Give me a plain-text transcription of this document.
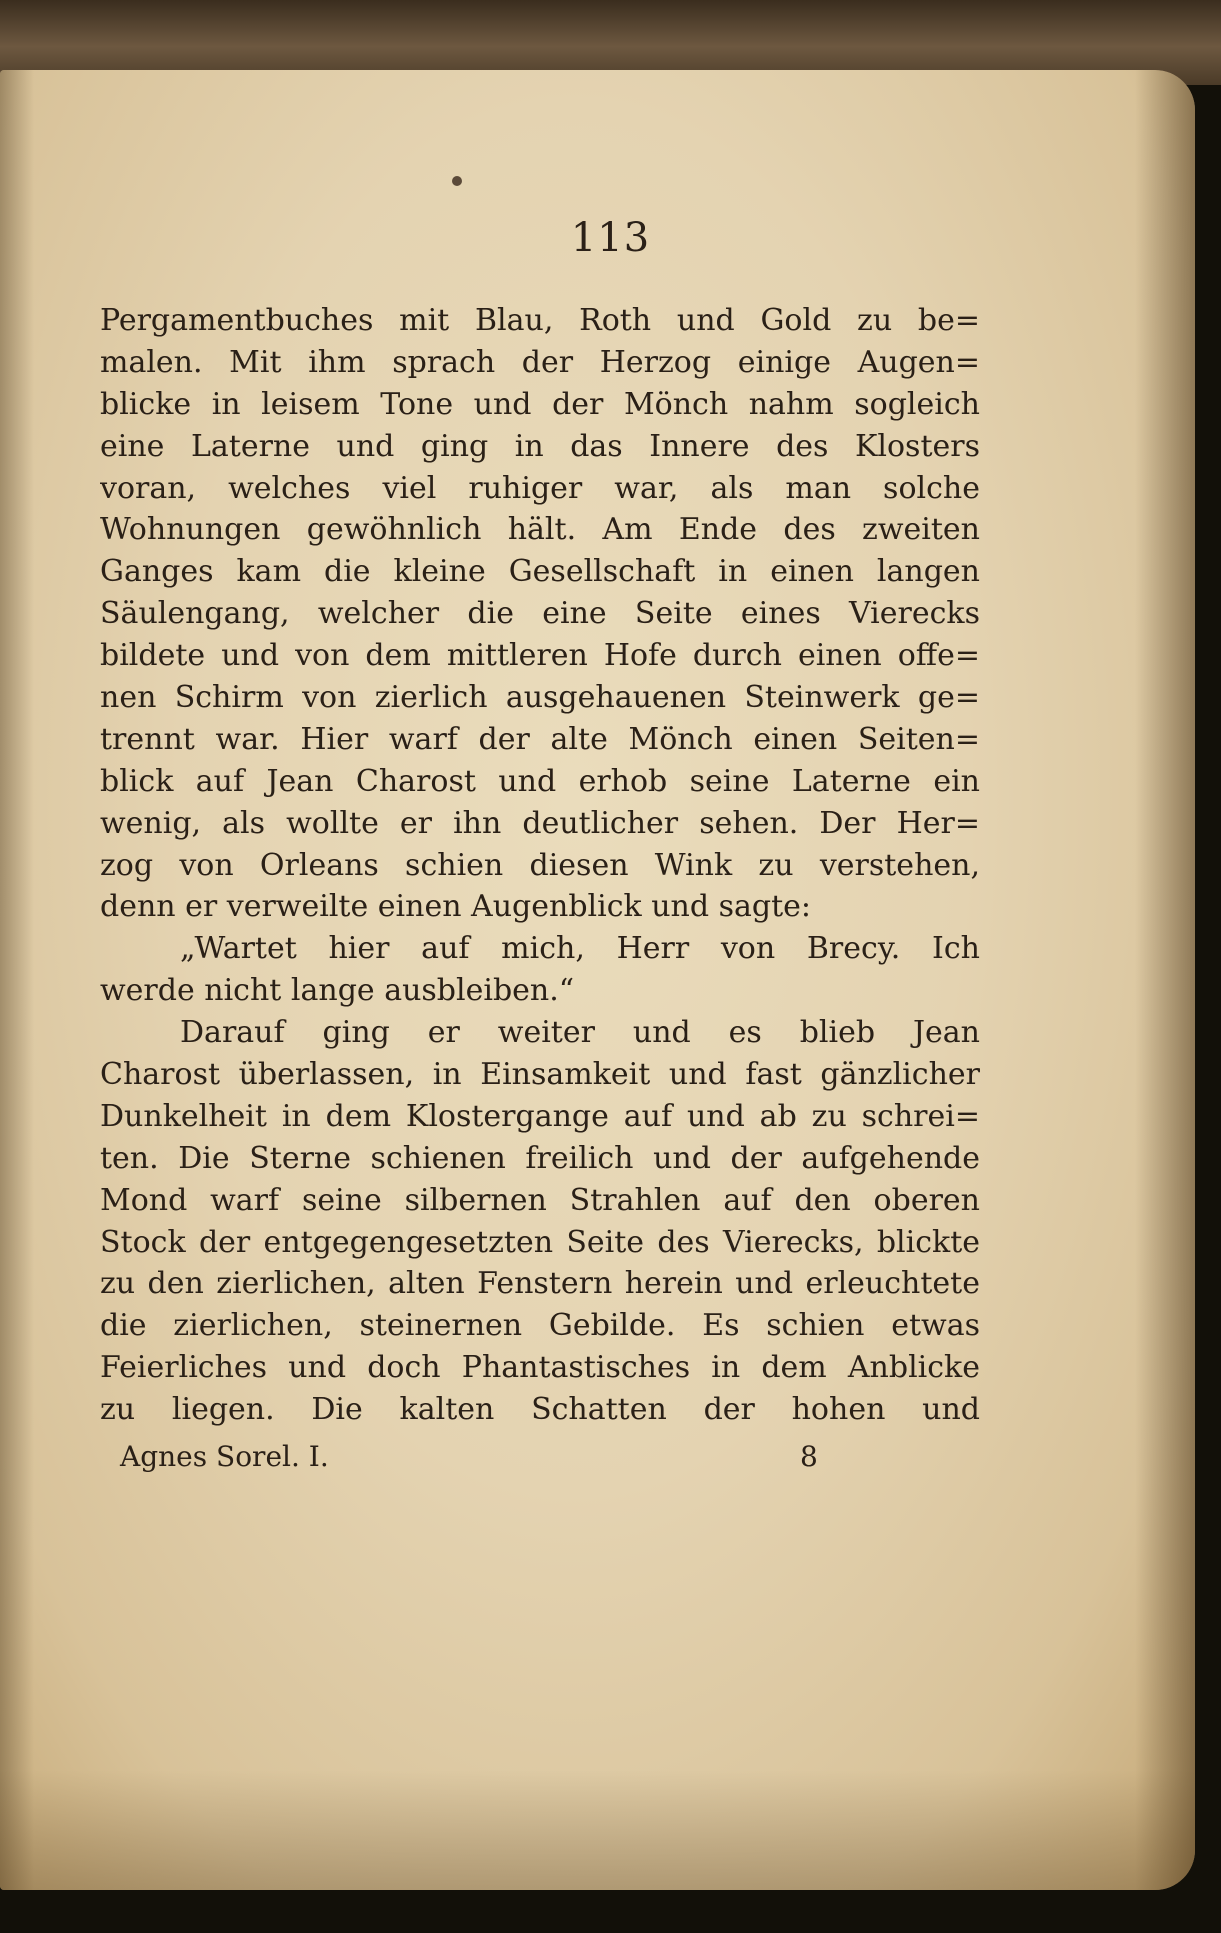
113
Pergamentbuches mit Blau, Roth und Gold zu be=
malen. Mit ihm sprach der Herzog einige Augen=
blicke in leisem Tone und der Mönch nahm sogleich
eine Laterne und ging in das Innere des Klosters
voran, welches viel ruhiger war, als man solche
Wohnungen gewöhnlich hält. Am Ende des zweiten
Ganges kam die kleine Gesellschaft in einen langen
Säulengang, welcher die eine Seite eines Vierecks
bildete und von dem mittleren Hofe durch einen offe=
nen Schirm von zierlich ausgehauenen Steinwerk ge=
trennt war. Hier warf der alte Mönch einen Seiten=
blick auf Jean Charost und erhob seine Laterne ein
wenig, als wollte er ihn deutlicher sehen. Der Her=
zog von Orleans schien diesen Wink zu verstehen,
denn er verweilte einen Augenblick und sagte:
„Wartet hier auf mich, Herr von Brecy. Ich
werde nicht lange ausbleiben.“
Darauf ging er weiter und es blieb Jean
Charost überlassen, in Einsamkeit und fast gänzlicher
Dunkelheit in dem Klostergange auf und ab zu schrei=
ten. Die Sterne schienen freilich und der aufgehende
Mond warf seine silbernen Strahlen auf den oberen
Stock der entgegengesetzten Seite des Vierecks, blickte
zu den zierlichen, alten Fenstern herein und erleuchtete
die zierlichen, steinernen Gebilde. Es schien etwas
Feierliches und doch Phantastisches in dem Anblicke
zu liegen. Die kalten Schatten der hohen und
Agnes Sorel. I.	8
